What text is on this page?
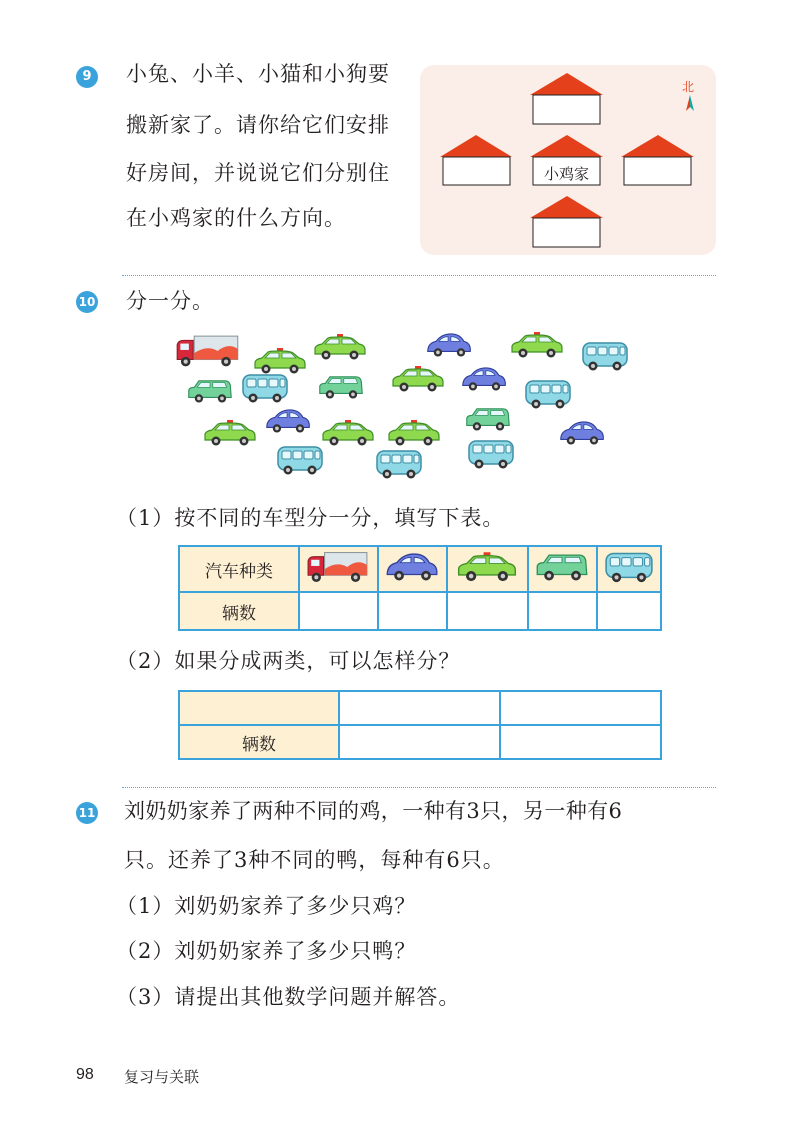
9	小兔、小羊、小猫和小狗要
搬新家了。请你给它们安排
好房间，并说说它们分别住
在小鸡家的什么方向。
小鸡家
北
10 分一分。
（1）按不同的车型分一分，填写下表。
汽车种类					
辆数					
（2）如果分成两类，可以怎样分？

辆数		
11 刘奶奶家养了两种不同的鸡，一种有3只，另一种有6
只。还养了3种不同的鸭，每种有6只。
（1）刘奶奶家养了多少只鸡？
（2）刘奶奶家养了多少只鸭？
（3）请提出其他数学问题并解答。
98 复习与关联
